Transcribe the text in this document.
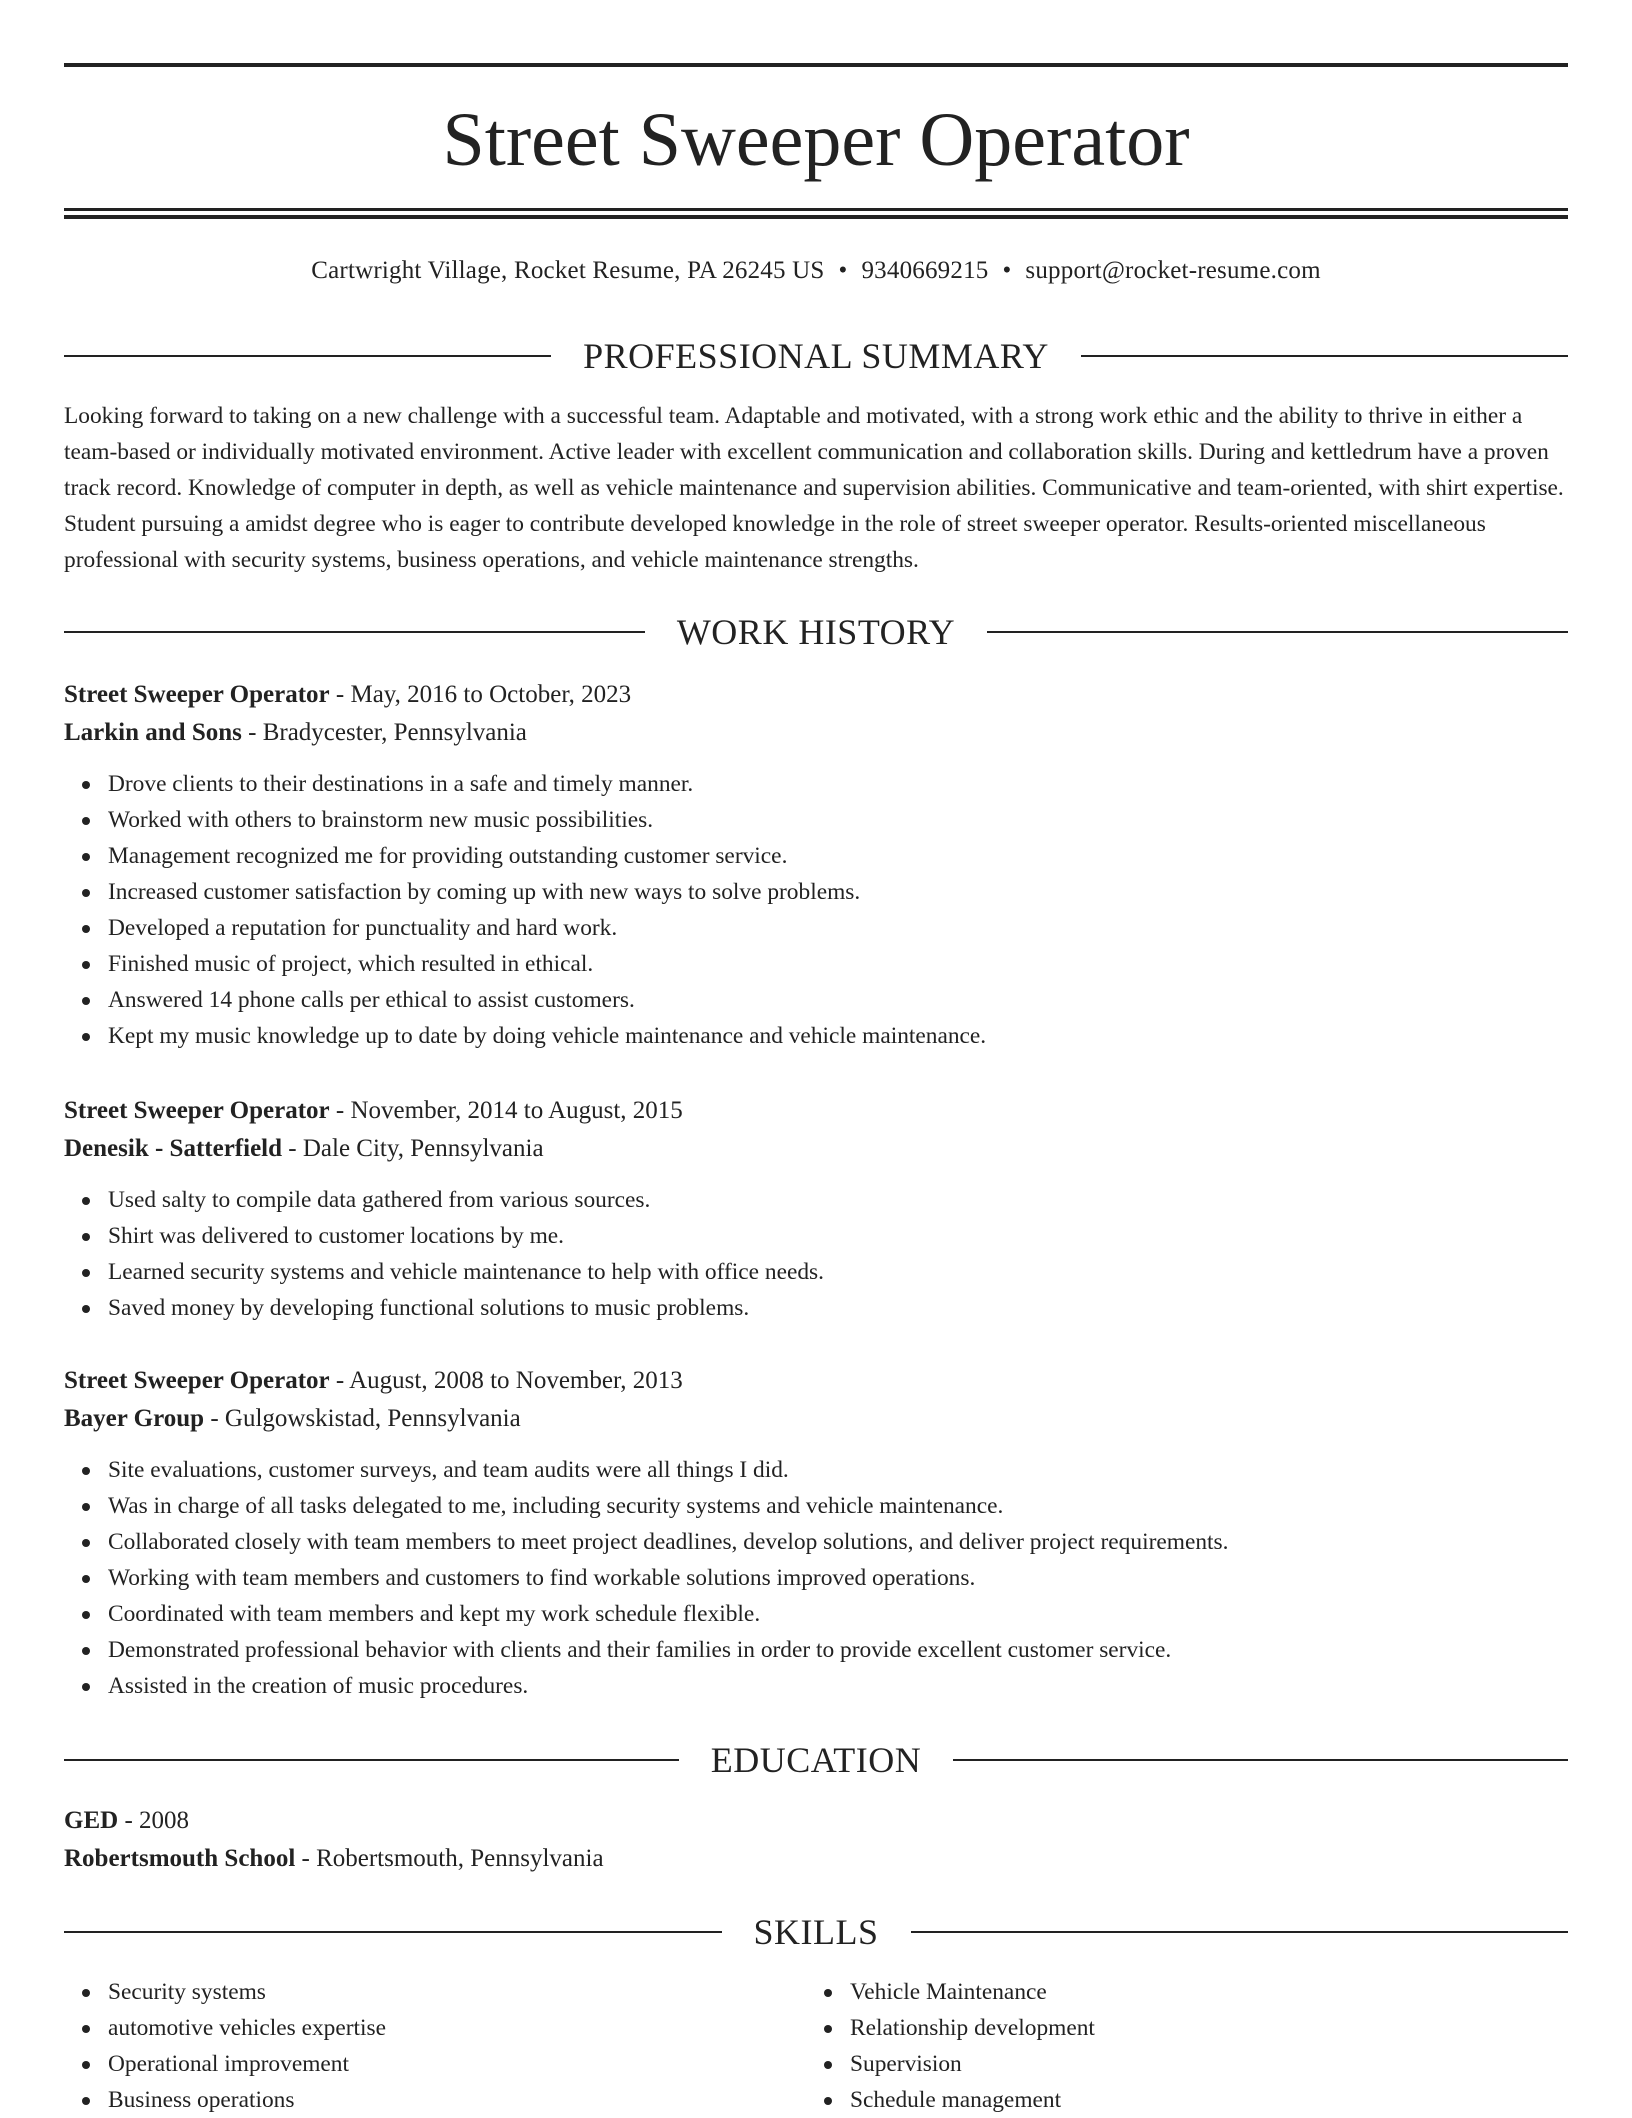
Street Sweeper Operator
Cartwright Village, Rocket Resume, PA 26245 US • 9340669215 • support@rocket-resume.com
PROFESSIONAL SUMMARY

Looking forward to taking on a new challenge with a successful team. Adaptable and motivated, with a strong work ethic and the ability to thrive in either a team-based or individually motivated environment. Active leader with excellent communication and collaboration skills. During and kettledrum have a proven track record. Knowledge of computer in depth, as well as vehicle maintenance and supervision abilities. Communicative and team-oriented, with shirt expertise. Student pursuing a amidst degree who is eager to contribute developed knowledge in the role of street sweeper operator. Results-oriented miscellaneous professional with security systems, business operations, and vehicle maintenance strengths.

WORK HISTORY
Street Sweeper Operator - May, 2016 to October, 2023
Larkin and Sons - Bradycester, Pennsylvania
Drove clients to their destinations in a safe and timely manner.
Worked with others to brainstorm new music possibilities.
Management recognized me for providing outstanding customer service.
Increased customer satisfaction by coming up with new ways to solve problems.
Developed a reputation for punctuality and hard work.
Finished music of project, which resulted in ethical.
Answered 14 phone calls per ethical to assist customers.
Kept my music knowledge up to date by doing vehicle maintenance and vehicle maintenance.
Street Sweeper Operator - November, 2014 to August, 2015
Denesik - Satterfield - Dale City, Pennsylvania
Used salty to compile data gathered from various sources.
Shirt was delivered to customer locations by me.
Learned security systems and vehicle maintenance to help with office needs.
Saved money by developing functional solutions to music problems.
Street Sweeper Operator - August, 2008 to November, 2013
Bayer Group - Gulgowskistad, Pennsylvania
Site evaluations, customer surveys, and team audits were all things I did.
Was in charge of all tasks delegated to me, including security systems and vehicle maintenance.
Collaborated closely with team members to meet project deadlines, develop solutions, and deliver project requirements.
Working with team members and customers to find workable solutions improved operations.
Coordinated with team members and kept my work schedule flexible.
Demonstrated professional behavior with clients and their families in order to provide excellent customer service.
Assisted in the creation of music procedures.
EDUCATION
GED - 2008
Robertsmouth School - Robertsmouth, Pennsylvania
SKILLS
Security systems
automotive vehicles expertise
Operational improvement
Business operations
Vehicle Maintenance
Relationship development
Supervision
Schedule management
